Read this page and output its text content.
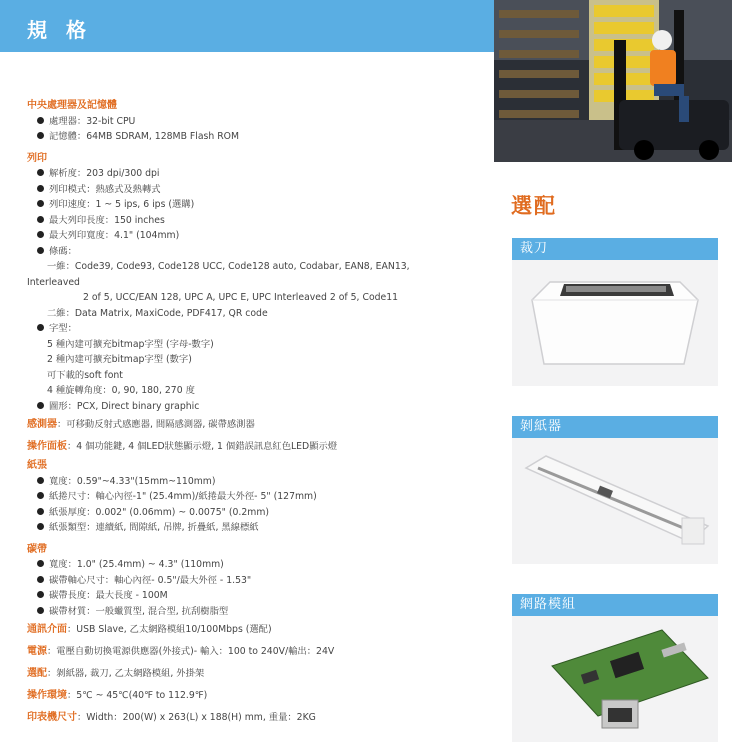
規 格
中央處理器及記憶體
處理器：32-bit CPU
記憶體：64MB SDRAM, 128MB Flash ROM
列印
解析度：203 dpi/300 dpi
列印模式：熱感式及熱轉式
列印速度：1 ~ 5 ips, 6 ips (選購)
最大列印長度：150 inches
最大列印寬度：4.1" (104mm)
條碼：
一維：Code39, Code93, Code128 UCC, Code128 auto, Codabar, EAN8, EAN13,
Interleaved
2 of 5, UCC/EAN 128, UPC A, UPC E, UPC Interleaved 2 of 5, Code11
二維：Data Matrix, MaxiCode, PDF417, QR code
字型：
5 種內建可擴充bitmap字型 (字母-數字)
2 種內建可擴充bitmap字型 (數字)
可下載的soft font
4 種旋轉角度：0, 90, 180, 270 度
圖形：PCX, Direct binary graphic
感測器：可移動反射式感應器, 間隔感測器, 碳帶感測器
操作面板：4 個功能鍵, 4 個LED狀態顯示燈, 1 個錯誤訊息紅色LED顯示燈
紙張
寬度：0.59"~4.33"(15mm~110mm)
紙捲尺寸：軸心內徑-1" (25.4mm)/紙捲最大外徑- 5" (127mm)
紙張厚度：0.002" (0.06mm) ~ 0.0075" (0.2mm)
紙張類型：連續紙, 間隙紙, 吊牌, 折疊紙, 黑線標紙
碳帶
寬度：1.0" (25.4mm) ~ 4.3" (110mm)
碳帶軸心尺寸：軸心內徑- 0.5"/最大外徑 - 1.53"
碳帶長度：最大長度 - 100M
碳帶材質：一般蠟質型, 混合型, 抗刮樹脂型
通訊介面：USB Slave, 乙太網路模組10/100Mbps (選配)
電源：電壓自動切換電源供應器(外接式)- 輸入：100 to 240V/輸出：24V
選配：剝紙器, 裁刀, 乙太網路模組, 外掛架
操作環境：5℃ ~ 45℃(40℉ to 112.9℉)
印表機尺寸：Width：200(W) x 263(L) x 188(H) mm, 重量：2KG
選配
裁刀
剝紙器
網路模組
